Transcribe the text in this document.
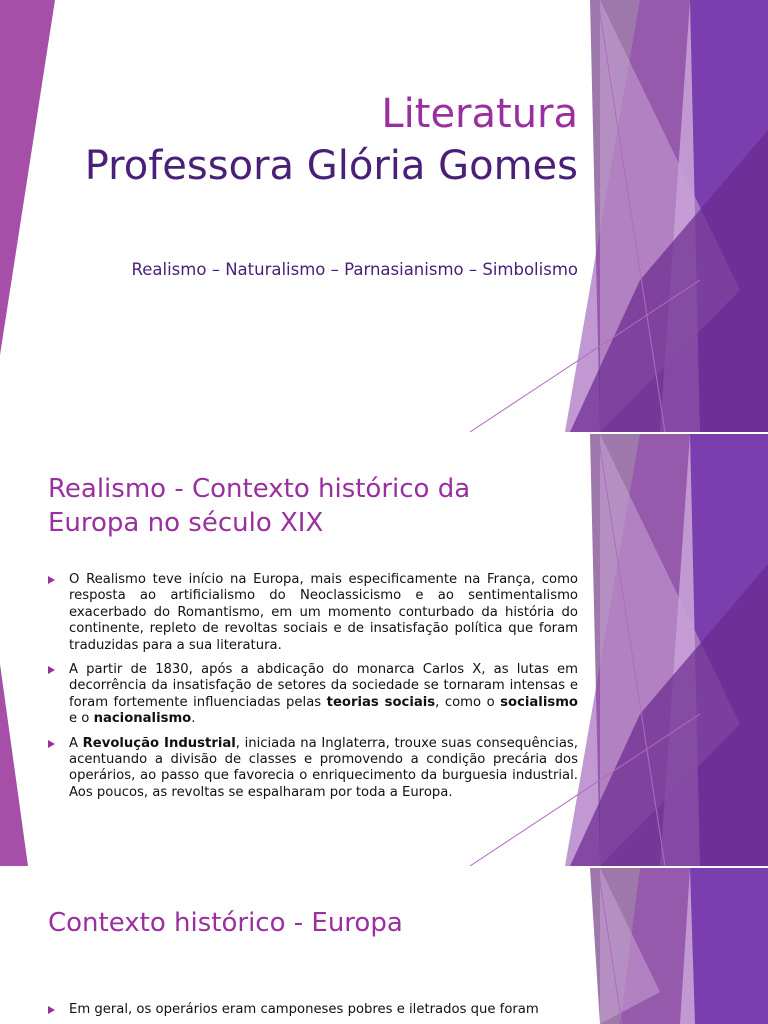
Literatura
Professora Glória Gomes
Realismo – Naturalismo – Parnasianismo – Simbolismo
Realismo - Contexto histórico da Europa no século XIX
O Realismo teve início na Europa, mais especificamente na França, como resposta ao artificialismo do Neoclassicismo e ao sentimentalismo exacerbado do Romantismo, em um momento conturbado da história do continente, repleto de revoltas sociais e de insatisfação política que foram traduzidas para a sua literatura.
A partir de 1830, após a abdicação do monarca Carlos X, as lutas em decorrência da insatisfação de setores da sociedade se tornaram intensas e foram fortemente influenciadas pelas teorias sociais, como o socialismo e o nacionalismo.
A Revolução Industrial, iniciada na Inglaterra, trouxe suas consequências, acentuando a divisão de classes e promovendo a condição precária dos operários, ao passo que favorecia o enriquecimento da burguesia industrial. Aos poucos, as revoltas se espalharam por toda a Europa.
Contexto histórico - Europa
Em geral, os operários eram camponeses pobres e iletrados que foram
